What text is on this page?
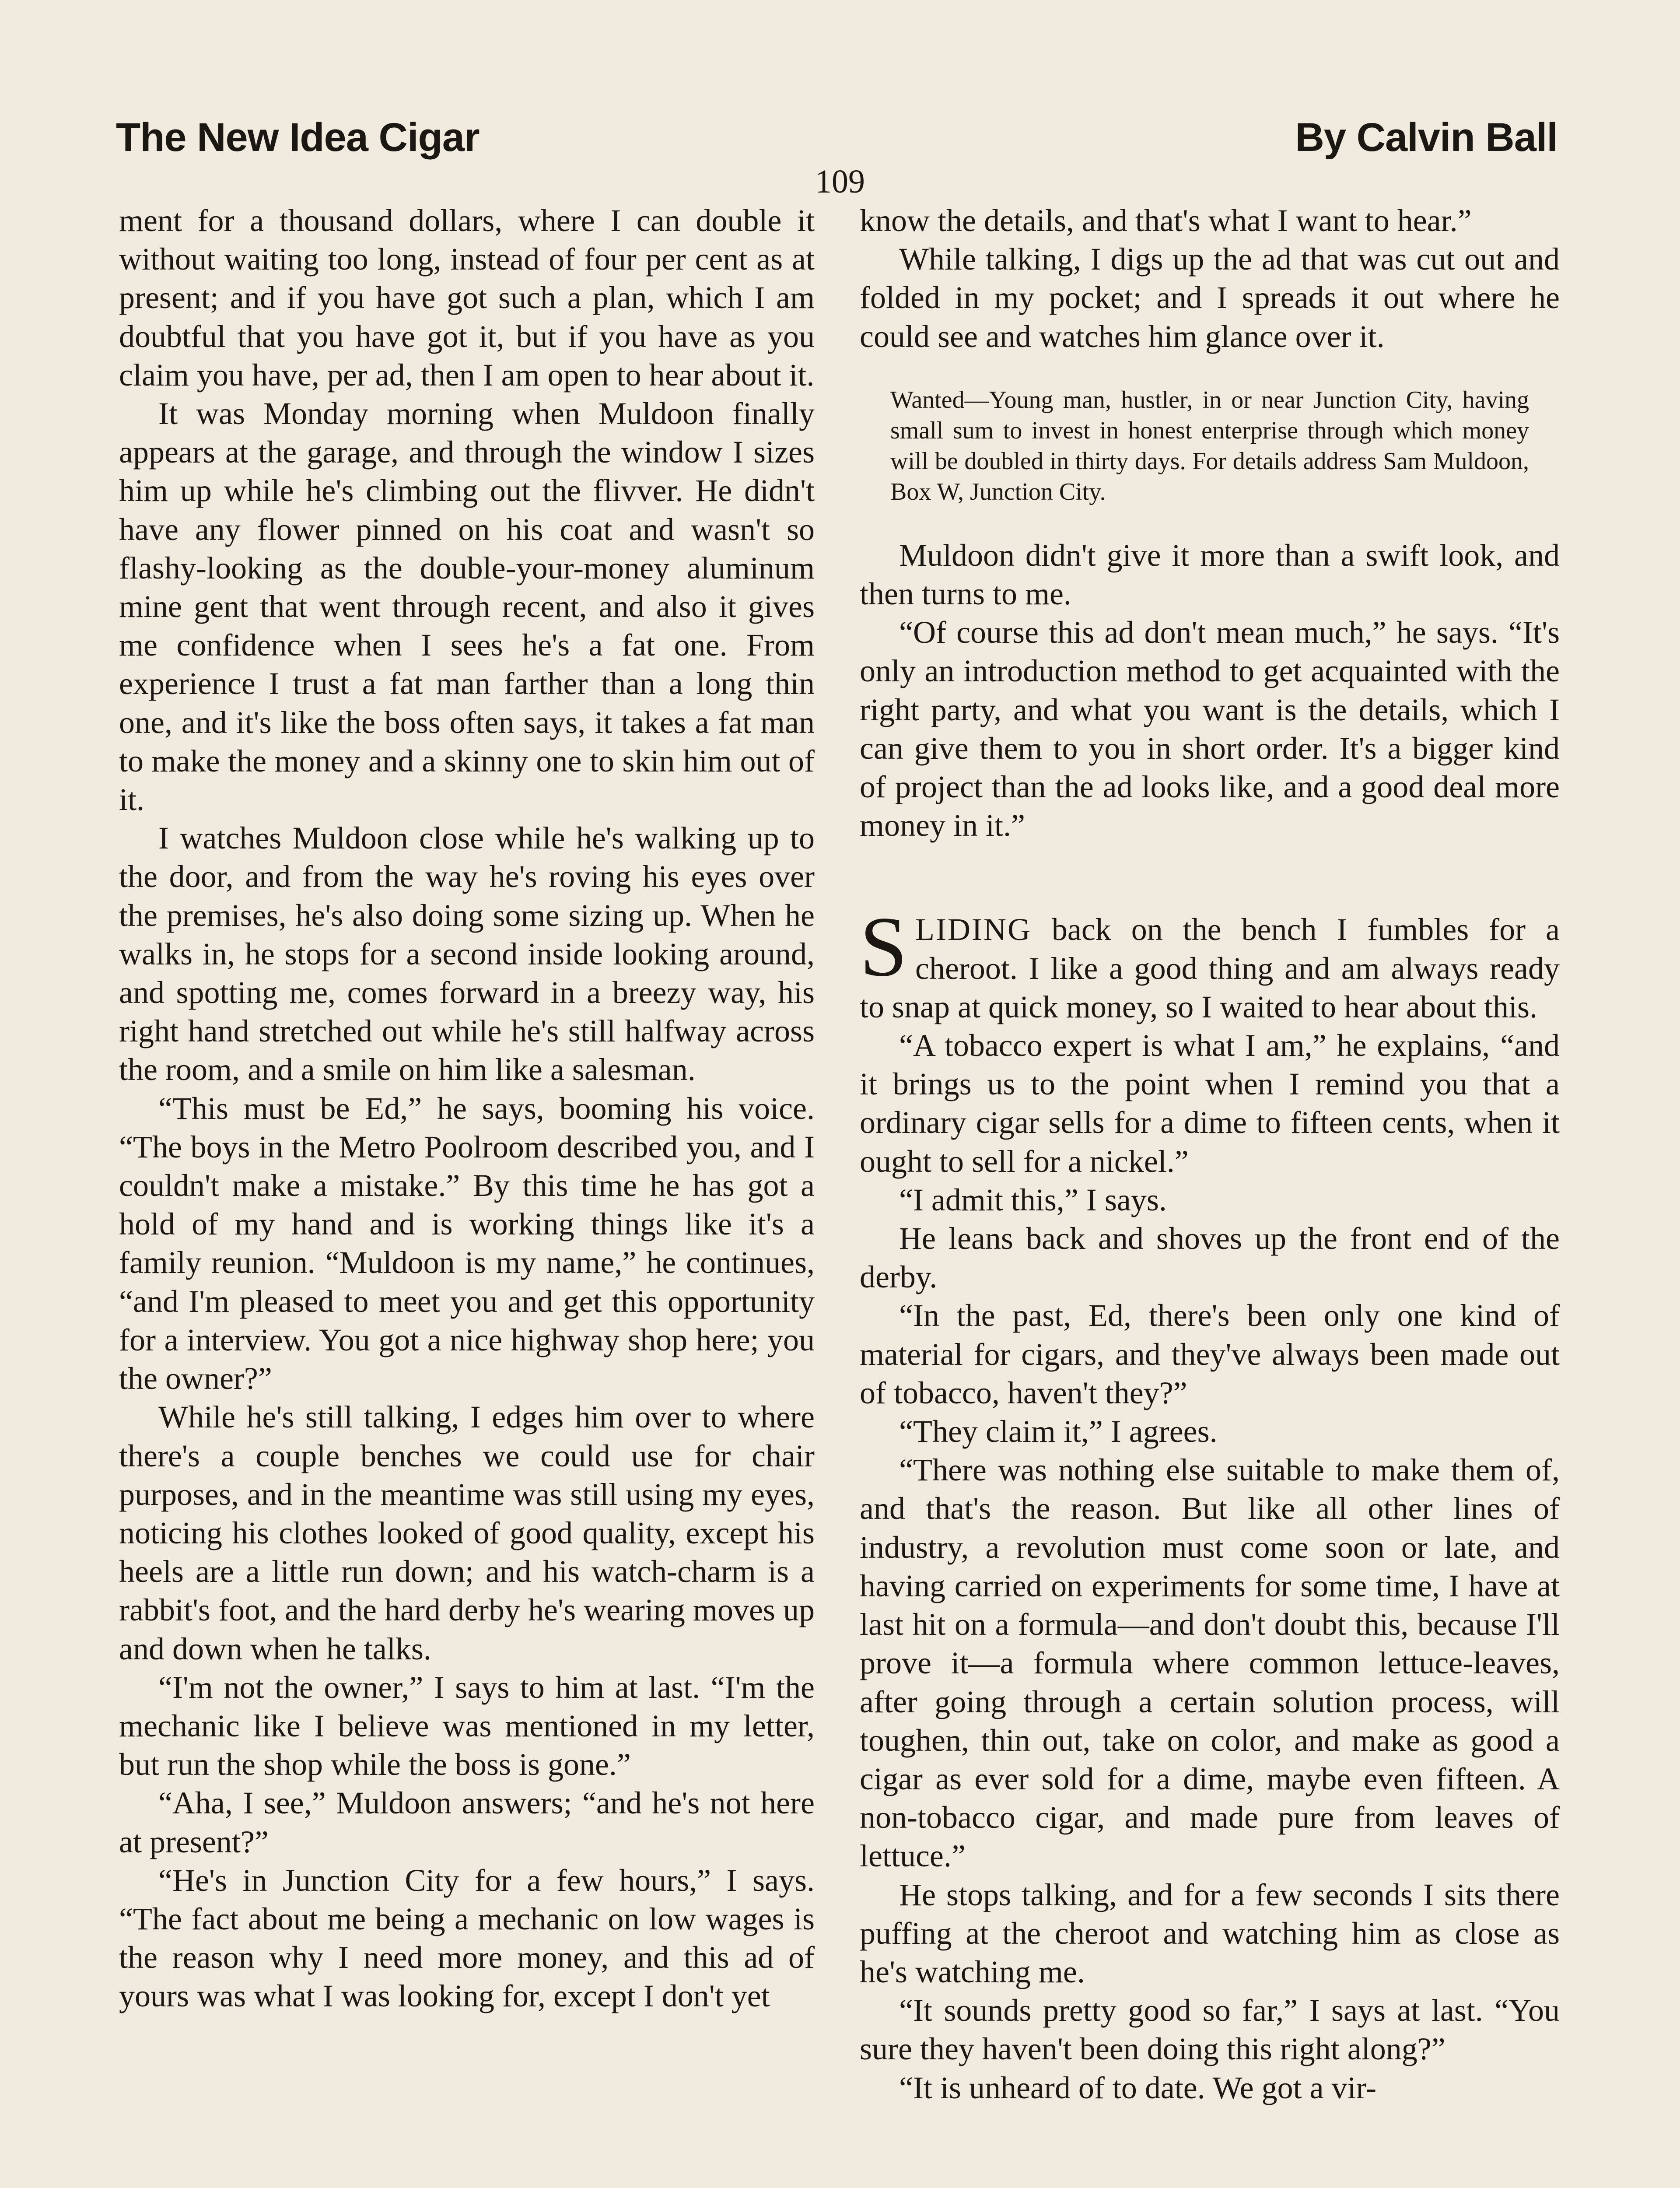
The New Idea Cigar	By Calvin Ball
109

ment for a thousand dollars, where I can double it without waiting too long, instead of four per cent as at present; and if you have got such a plan, which I am doubtful that you have got it, but if you have as you claim you have, per ad, then I am open to hear about it.

It was Monday morning when Muldoon finally appears at the garage, and through the window I sizes him up while he's climbing out the flivver. He didn't have any flower pinned on his coat and wasn't so flashy-looking as the double-your-money aluminum mine gent that went through recent, and also it gives me confidence when I sees he's a fat one. From experience I trust a fat man farther than a long thin one, and it's like the boss often says, it takes a fat man to make the money and a skinny one to skin him out of it.

I watches Muldoon close while he's walking up to the door, and from the way he's roving his eyes over the premises, he's also doing some sizing up. When he walks in, he stops for a second inside looking around, and spotting me, comes forward in a breezy way, his right hand stretched out while he's still halfway across the room, and a smile on him like a salesman.

“This must be Ed,” he says, booming his voice. “The boys in the Metro Poolroom described you, and I couldn't make a mistake.” By this time he has got a hold of my hand and is working things like it's a family reunion. “Muldoon is my name,” he continues, “and I'm pleased to meet you and get this opportunity for a interview. You got a nice highway shop here; you the owner?”

While he's still talking, I edges him over to where there's a couple benches we could use for chair purposes, and in the meantime was still using my eyes, noticing his clothes looked of good quality, except his heels are a little run down; and his watch-charm is a rabbit's foot, and the hard derby he's wearing moves up and down when he talks.

“I'm not the owner,” I says to him at last. “I'm the mechanic like I believe was mentioned in my letter, but run the shop while the boss is gone.”

“Aha, I see,” Muldoon answers; “and he's not here at present?”

“He's in Junction City for a few hours,” I says. “The fact about me being a mechanic on low wages is the reason why I need more money, and this ad of yours was what I was looking for, except I don't yet

know the details, and that's what I want to hear.”

While talking, I digs up the ad that was cut out and folded in my pocket; and I spreads it out where he could see and watches him glance over it.

Wanted—Young man, hustler, in or near Junction City, having small sum to invest in honest enterprise through which money will be doubled in thirty days. For details address Sam Muldoon, Box W, Junction City.

Muldoon didn't give it more than a swift look, and then turns to me.

“Of course this ad don't mean much,” he says. “It's only an introduction method to get acquainted with the right party, and what you want is the details, which I can give them to you in short order. It's a bigger kind of project than the ad looks like, and a good deal more money in it.”

SLIDING back on the bench I fumbles for a cheroot. I like a good thing and am always ready to snap at quick money, so I waited to hear about this.

“A tobacco expert is what I am,” he explains, “and it brings us to the point when I remind you that a ordinary cigar sells for a dime to fifteen cents, when it ought to sell for a nickel.”

“I admit this,” I says.

He leans back and shoves up the front end of the derby.

“In the past, Ed, there's been only one kind of material for cigars, and they've always been made out of tobacco, haven't they?”

“They claim it,” I agrees.

“There was nothing else suitable to make them of, and that's the reason. But like all other lines of industry, a revolution must come soon or late, and having carried on experiments for some time, I have at last hit on a formula—and don't doubt this, because I'll prove it—a formula where common lettuce-leaves, after going through a certain solution process, will toughen, thin out, take on color, and make as good a cigar as ever sold for a dime, maybe even fifteen. A non-tobacco cigar, and made pure from leaves of lettuce.”

He stops talking, and for a few seconds I sits there puffing at the cheroot and watching him as close as he's watching me.

“It sounds pretty good so far,” I says at last. “You sure they haven't been doing this right along?”

“It is unheard of to date. We got a vir-
